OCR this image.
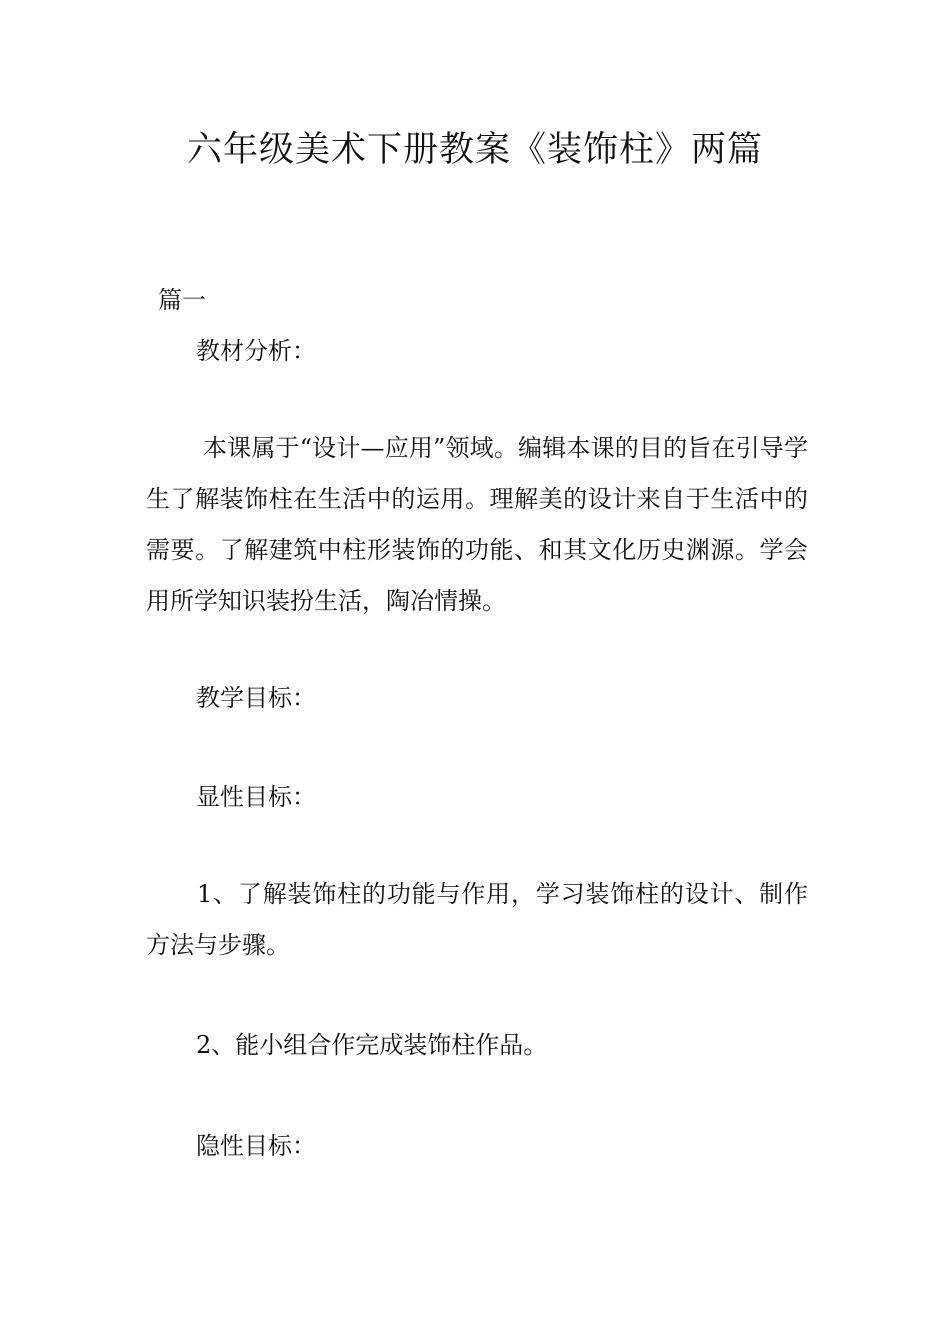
六年级美术下册教案《装饰柱》两篇
篇一
教材分析：
本课属于“设计—应用”领域。编辑本课的目的旨在引导学生了解装饰柱在生活中的运用。理解美的设计来自于生活中的需要。了解建筑中柱形装饰的功能、和其文化历史渊源。学会用所学知识装扮生活，陶冶情操。
教学目标：
显性目标：
1、了解装饰柱的功能与作用，学习装饰柱的设计、制作方法与步骤。
2、能小组合作完成装饰柱作品。
隐性目标：
